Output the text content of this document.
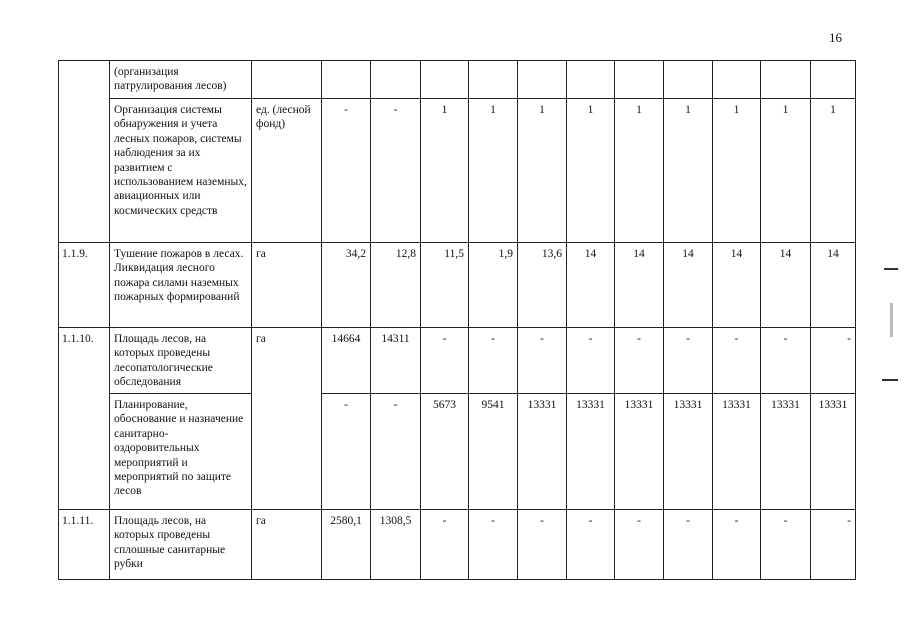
16
	(организация патрулирования лесов)												
	Организация системы обнаружения и учета лесных пожаров, системы наблюдения за их развитием с использованием наземных, авиационных или космических средств	ед. (лесной фонд)	-	-	1	1	1	1	1	1	1	1	1
1.1.9.	Тушение пожаров в лесах. Ликвидация лесного пожара силами наземных пожарных формирований	га	34,2	12,8	11,5	1,9	13,6	14	14	14	14	14	14
1.1.10.	Площадь лесов, на которых проведены лесопатологические обследования	га	14664	14311	-	-	-	-	-	-	-	-	-
	Планирование, обоснование и назначение санитарно-оздоровительных мероприятий и мероприятий по защите лесов		-	-	5673	9541	13331	13331	13331	13331	13331	13331	13331
1.1.11.	Площадь лесов, на которых проведены сплошные санитарные рубки	га	2580,1	1308,5	-	-	-	-	-	-	-	-	-
